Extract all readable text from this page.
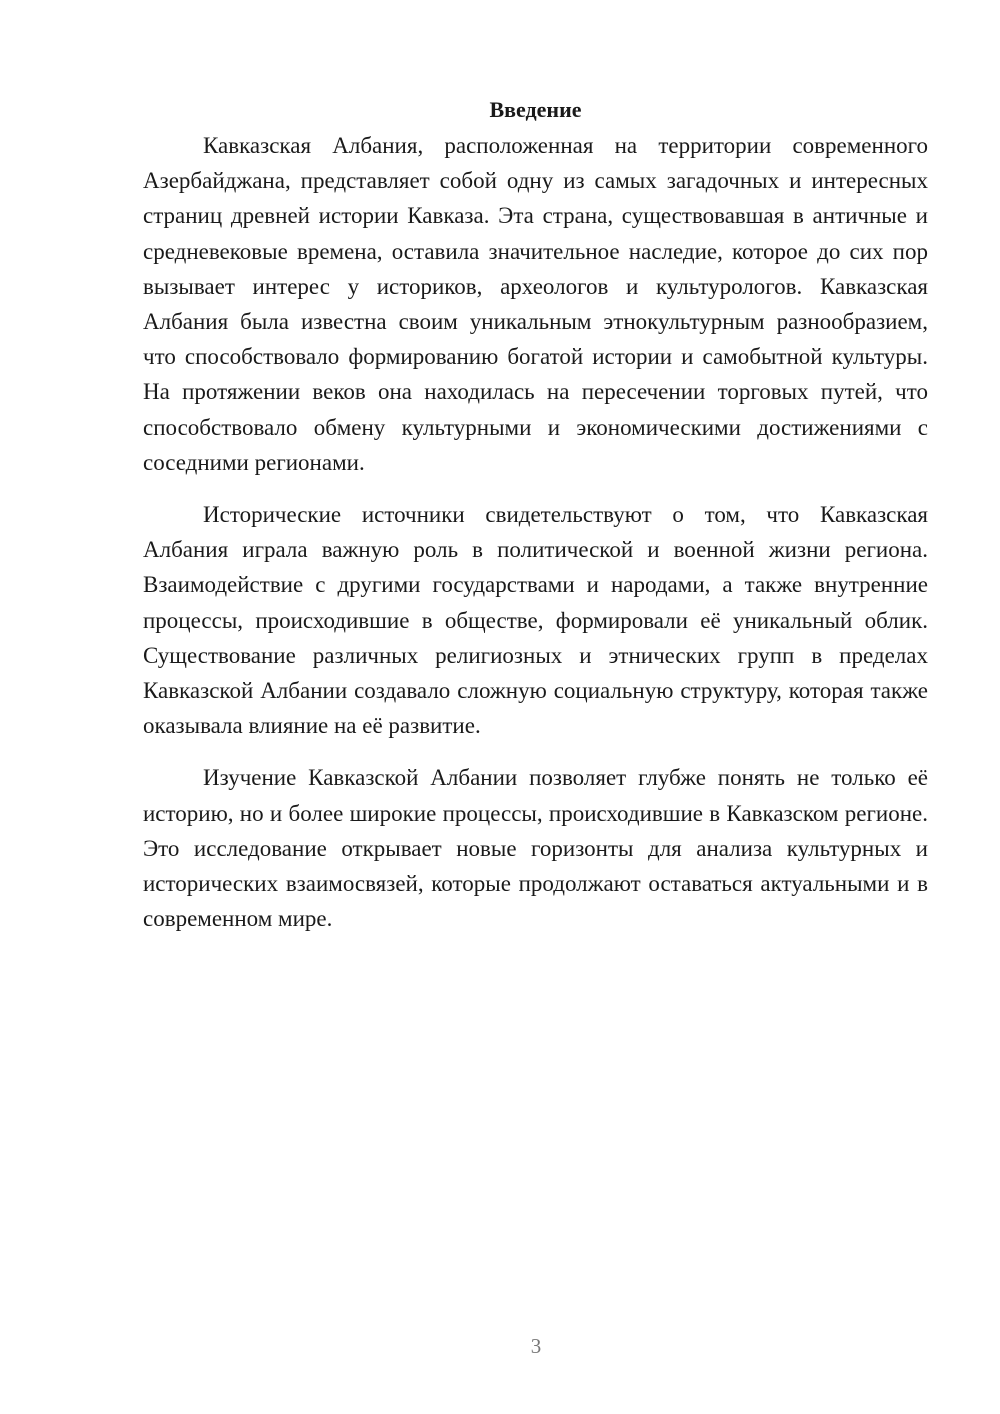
Введение

Кавказская Албания, расположенная на территории современного Азербайджана, представляет собой одну из самых загадочных и интересных страниц древней истории Кавказа. Эта страна, существовавшая в античные и средневековые времена, оставила значительное наследие, которое до сих пор вызывает интерес у историков, археологов и культурологов. Кавказская Албания была известна своим уникальным этнокультурным разнообразием, что способствовало формированию богатой истории и самобытной культуры. На протяжении веков она находилась на пересечении торговых путей, что способствовало обмену культурными и экономическими достижениями с соседними регионами.

Исторические источники свидетельствуют о том, что Кавказская Албания играла важную роль в политической и военной жизни региона. Взаимодействие с другими государствами и народами, а также внутренние процессы, происходившие в обществе, формировали её уникальный облик. Существование различных религиозных и этнических групп в пределах Кавказской Албании создавало сложную социальную структуру, которая также оказывала влияние на её развитие.

Изучение Кавказской Албании позволяет глубже понять не только её историю, но и более широкие процессы, происходившие в Кавказском регионе. Это исследование открывает новые горизонты для анализа культурных и исторических взаимосвязей, которые продолжают оставаться актуальными и в современном мире.

3
